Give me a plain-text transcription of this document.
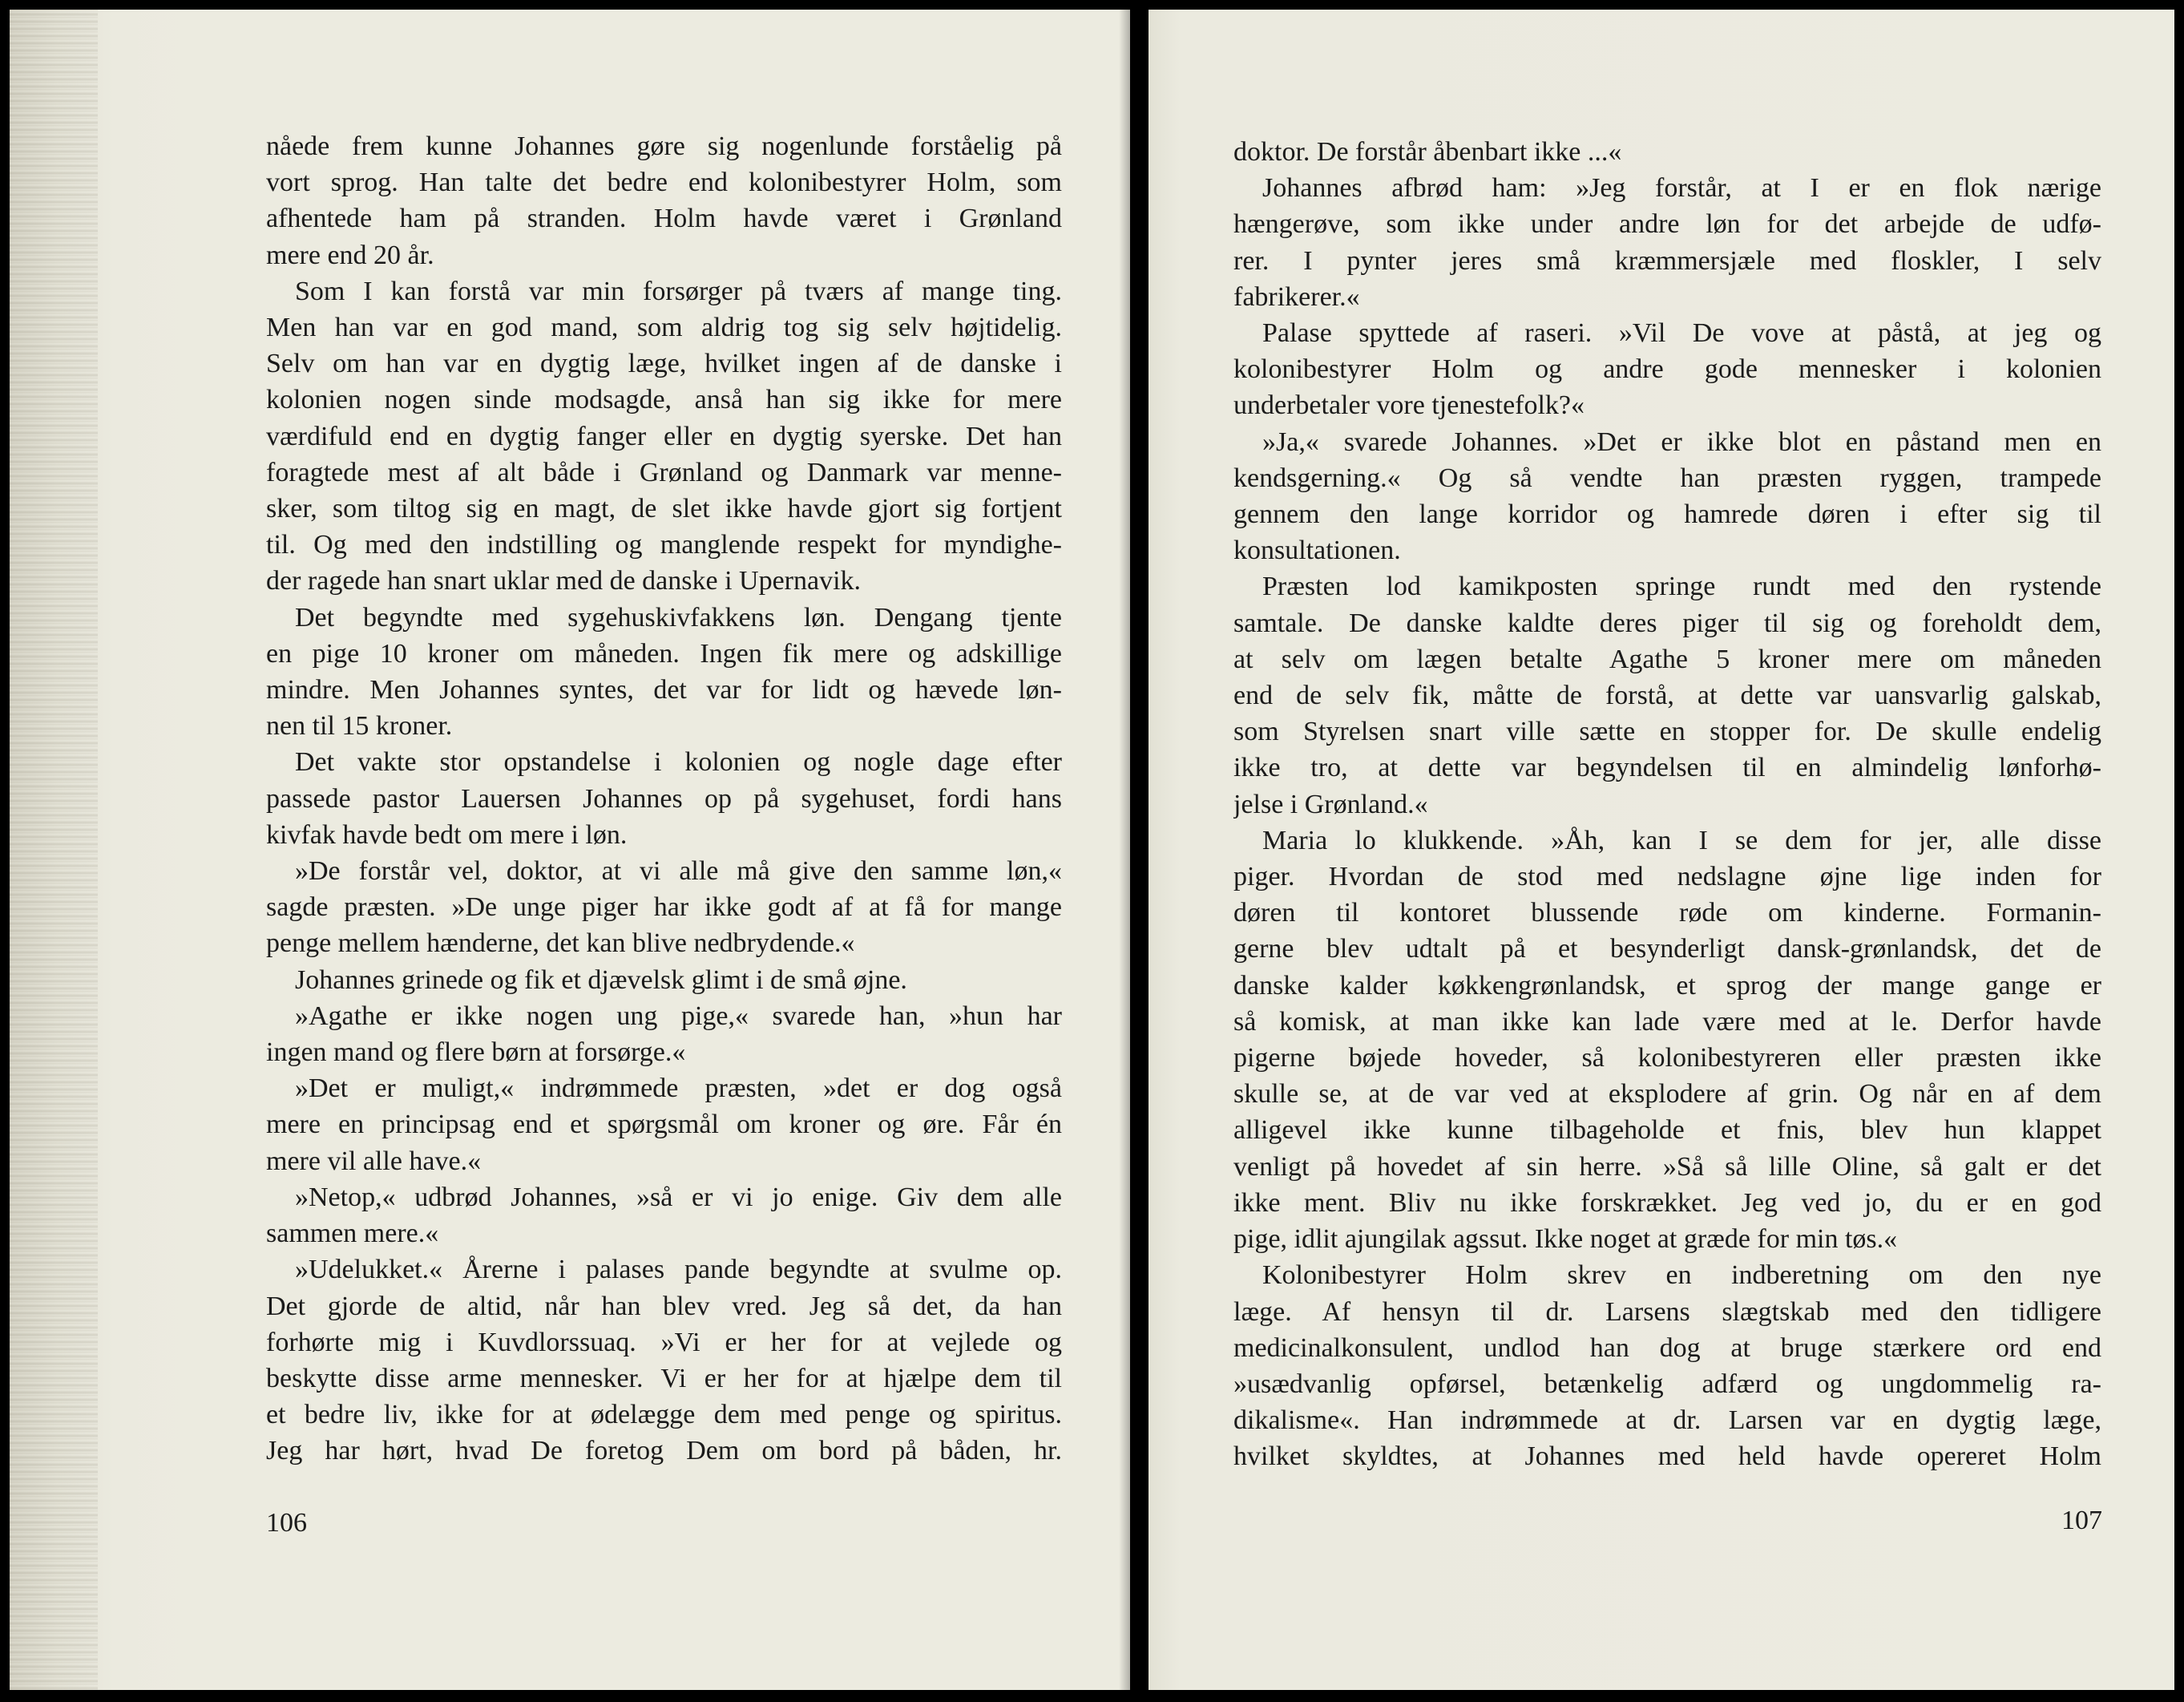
nåede frem kunne Johannes gøre sig nogenlunde forståelig på
vort sprog. Han talte det bedre end kolonibestyrer Holm, som
afhentede ham på stranden. Holm havde været i Grønland
mere end 20 år.
Som I kan forstå var min forsørger på tværs af mange ting.
Men han var en god mand, som aldrig tog sig selv højtidelig.
Selv om han var en dygtig læge, hvilket ingen af de danske i
kolonien nogen sinde modsagde, anså han sig ikke for mere
værdifuld end en dygtig fanger eller en dygtig syerske. Det han
foragtede mest af alt både i Grønland og Danmark var menne-
sker, som tiltog sig en magt, de slet ikke havde gjort sig fortjent
til. Og med den indstilling og manglende respekt for myndighe-
der ragede han snart uklar med de danske i Upernavik.
Det begyndte med sygehuskivfakkens løn. Dengang tjente
en pige 10 kroner om måneden. Ingen fik mere og adskillige
mindre. Men Johannes syntes, det var for lidt og hævede løn-
nen til 15 kroner.
Det vakte stor opstandelse i kolonien og nogle dage efter
passede pastor Lauersen Johannes op på sygehuset, fordi hans
kivfak havde bedt om mere i løn.
»De forstår vel, doktor, at vi alle må give den samme løn,«
sagde præsten. »De unge piger har ikke godt af at få for mange
penge mellem hænderne, det kan blive nedbrydende.«
Johannes grinede og fik et djævelsk glimt i de små øjne.
»Agathe er ikke nogen ung pige,« svarede han, »hun har
ingen mand og flere børn at forsørge.«
»Det er muligt,« indrømmede præsten, »det er dog også
mere en principsag end et spørgsmål om kroner og øre. Får én
mere vil alle have.«
»Netop,« udbrød Johannes, »så er vi jo enige. Giv dem alle
sammen mere.«
»Udelukket.« Årerne i palases pande begyndte at svulme op.
Det gjorde de altid, når han blev vred. Jeg så det, da han
forhørte mig i Kuvdlorssuaq. »Vi er her for at vejlede og
beskytte disse arme mennesker. Vi er her for at hjælpe dem til
et bedre liv, ikke for at ødelægge dem med penge og spiritus.
Jeg har hørt, hvad De foretog Dem om bord på båden, hr.
106
doktor. De forstår åbenbart ikke ...«
Johannes afbrød ham: »Jeg forstår, at I er en flok nærige
hængerøve, som ikke under andre løn for det arbejde de udfø-
rer. I pynter jeres små kræmmersjæle med floskler, I selv
fabrikerer.«
Palase spyttede af raseri. »Vil De vove at påstå, at jeg og
kolonibestyrer Holm og andre gode mennesker i kolonien
underbetaler vore tjenestefolk?«
»Ja,« svarede Johannes. »Det er ikke blot en påstand men en
kendsgerning.« Og så vendte han præsten ryggen, trampede
gennem den lange korridor og hamrede døren i efter sig til
konsultationen.
Præsten lod kamikposten springe rundt med den rystende
samtale. De danske kaldte deres piger til sig og foreholdt dem,
at selv om lægen betalte Agathe 5 kroner mere om måneden
end de selv fik, måtte de forstå, at dette var uansvarlig galskab,
som Styrelsen snart ville sætte en stopper for. De skulle endelig
ikke tro, at dette var begyndelsen til en almindelig lønforhø-
jelse i Grønland.«
Maria lo klukkende. »Åh, kan I se dem for jer, alle disse
piger. Hvordan de stod med nedslagne øjne lige inden for
døren til kontoret blussende røde om kinderne. Formanin-
gerne blev udtalt på et besynderligt dansk-grønlandsk, det de
danske kalder køkkengrønlandsk, et sprog der mange gange er
så komisk, at man ikke kan lade være med at le. Derfor havde
pigerne bøjede hoveder, så kolonibestyreren eller præsten ikke
skulle se, at de var ved at eksplodere af grin. Og når en af dem
alligevel ikke kunne tilbageholde et fnis, blev hun klappet
venligt på hovedet af sin herre. »Så så lille Oline, så galt er det
ikke ment. Bliv nu ikke forskrækket. Jeg ved jo, du er en god
pige, idlit ajungilak agssut. Ikke noget at græde for min tøs.«
Kolonibestyrer Holm skrev en indberetning om den nye
læge. Af hensyn til dr. Larsens slægtskab med den tidligere
medicinalkonsulent, undlod han dog at bruge stærkere ord end
»usædvanlig opførsel, betænkelig adfærd og ungdommelig ra-
dikalisme«. Han indrømmede at dr. Larsen var en dygtig læge,
hvilket skyldtes, at Johannes med held havde opereret Holm
107
